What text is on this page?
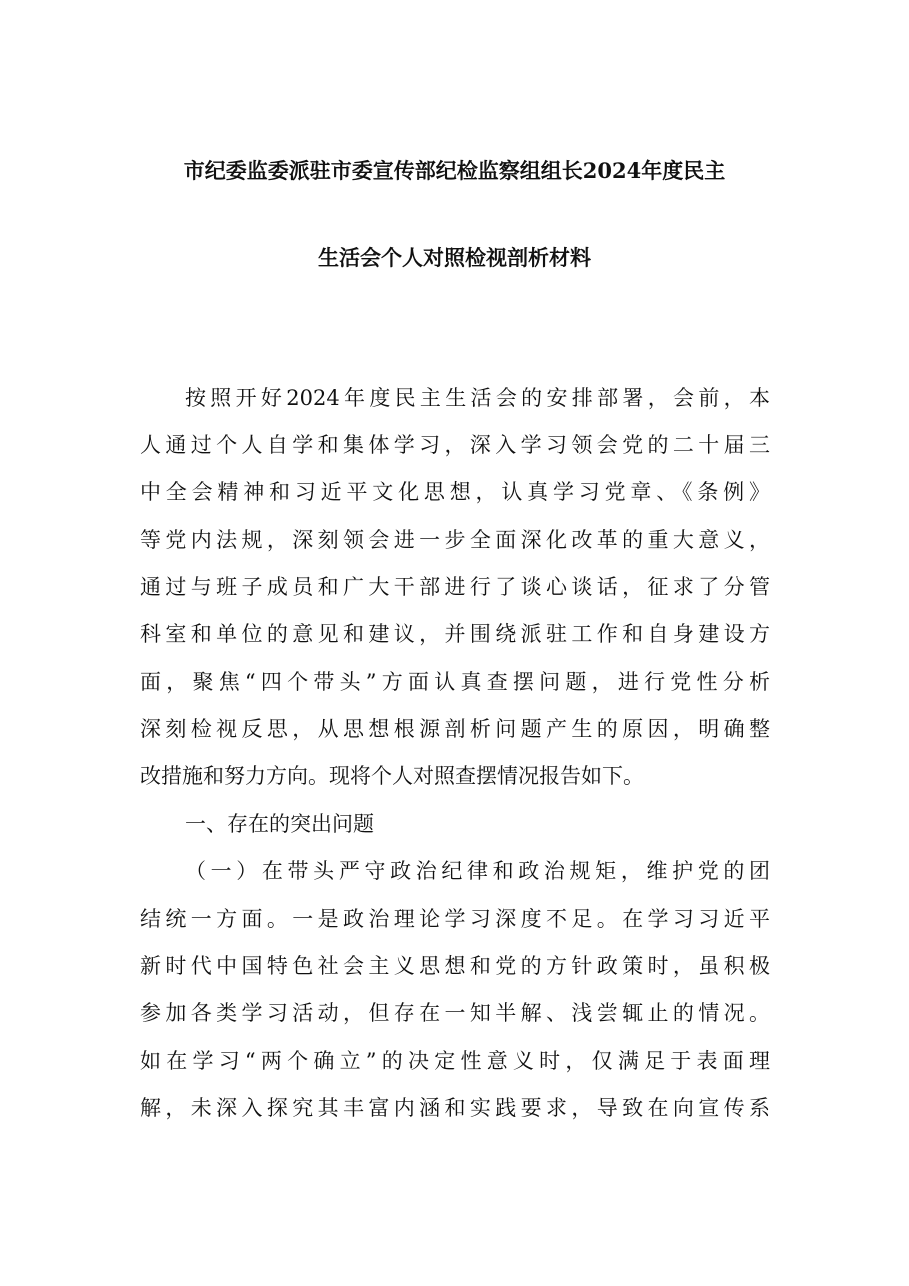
市纪委监委派驻市委宣传部纪检监察组组长2024年度民主
生活会个人对照检视剖析材料
按照开好2024年度民主生活会的安排部署，会前，本
人通过个人自学和集体学习，深入学习领会党的二十届三
中全会精神和习近平文化思想，认真学习党章、《条例》
等党内法规，深刻领会进一步全面深化改革的重大意义，
通过与班子成员和广大干部进行了谈心谈话，征求了分管
科室和单位的意见和建议，并围绕派驻工作和自身建设方
面，聚焦“四个带头”方面认真查摆问题，进行党性分析
深刻检视反思，从思想根源剖析问题产生的原因，明确整
改措施和努力方向。现将个人对照查摆情况报告如下。
一、存在的突出问题
（一）在带头严守政治纪律和政治规矩，维护党的团
结统一方面。一是政治理论学习深度不足。在学习习近平
新时代中国特色社会主义思想和党的方针政策时，虽积极
参加各类学习活动，但存在一知半解、浅尝辄止的情况。
如在学习“两个确立”的决定性意义时，仅满足于表面理
解，未深入探究其丰富内涵和实践要求，导致在向宣传系
